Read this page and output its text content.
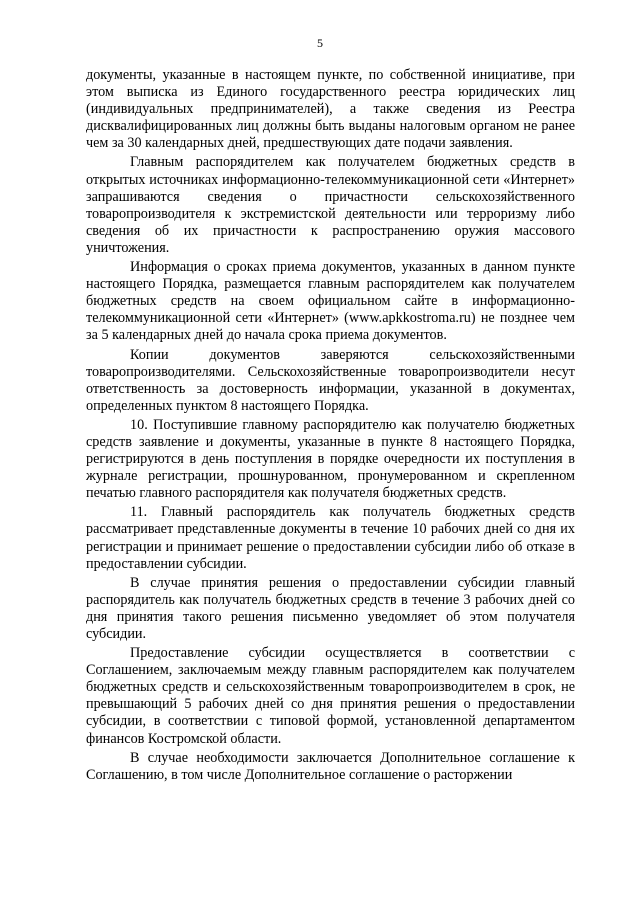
5

документы, указанные в настоящем пункте, по собственной инициативе, при этом выписка из Единого государственного реестра юридических лиц (индивидуальных предпринимателей), а также сведения из Реестра дисквалифицированных лиц должны быть выданы налоговым органом не ранее чем за 30 календарных дней, предшествующих дате подачи заявления.

Главным распорядителем как получателем бюджетных средств в открытых источниках информационно-телекоммуникационной сети «Интернет» запрашиваются сведения о причастности сельскохозяйственного товаропроизводителя к экстремистской деятельности или терроризму либо сведения об их причастности к распространению оружия массового уничтожения.

Информация о сроках приема документов, указанных в данном пункте настоящего Порядка, размещается главным распорядителем как получателем бюджетных средств на своем официальном сайте в информационно-телекоммуникационной сети «Интернет» (www.apkkostroma.ru) не позднее чем за 5 календарных дней до начала срока приема документов.

Копии документов заверяются сельскохозяйственными товаропроизводителями. Сельскохозяйственные товаропроизводители несут ответственность за достоверность информации, указанной в документах, определенных пунктом 8 настоящего Порядка.

10. Поступившие главному распорядителю как получателю бюджетных средств заявление и документы, указанные в пункте 8 настоящего Порядка, регистрируются в день поступления в порядке очередности их поступления в журнале регистрации, прошнурованном, пронумерованном и скрепленном печатью главного распорядителя как получателя бюджетных средств.

11. Главный распорядитель как получатель бюджетных средств рассматривает представленные документы в течение 10 рабочих дней со дня их регистрации и принимает решение о предоставлении субсидии либо об отказе в предоставлении субсидии.

В случае принятия решения о предоставлении субсидии главный распорядитель как получатель бюджетных средств в течение 3 рабочих дней со дня принятия такого решения письменно уведомляет об этом получателя субсидии.

Предоставление субсидии осуществляется в соответствии с Соглашением, заключаемым между главным распорядителем как получателем бюджетных средств и сельскохозяйственным товаропроизводителем в срок, не превышающий 5 рабочих дней со дня принятия решения о предоставлении субсидии, в соответствии с типовой формой, установленной департаментом финансов Костромской области.

В случае необходимости заключается Дополнительное соглашение к Соглашению, в том числе Дополнительное соглашение о расторжении
